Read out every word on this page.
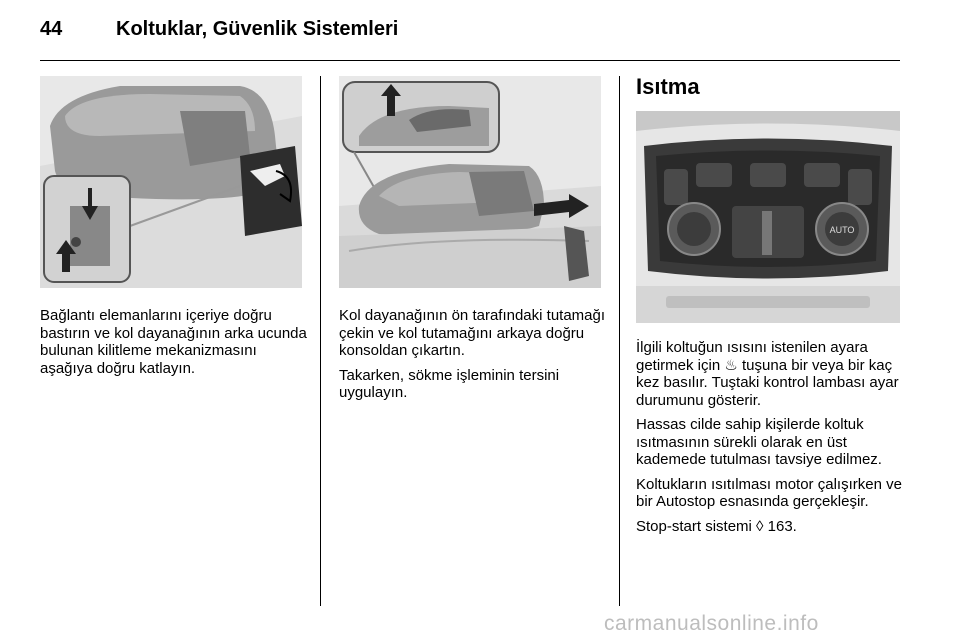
44	Koltuklar, Güvenlik Sistemleri
Isıtma
AUTO

Bağlantı elemanlarını içeriye doğru bastırın ve kol dayanağının arka ucunda bulunan kilitleme mekanizmasını aşağıya doğru katlayın.

Kol dayanağının ön tarafındaki tutamağı çekin ve kol tutamağını arkaya doğru konsoldan çıkartın.

Takarken, sökme işleminin tersini uygulayın.

İlgili koltuğun ısısını istenilen ayara getirmek için ♨ tuşuna bir veya bir kaç kez basılır. Tuştaki kontrol lambası ayar durumunu gösterir.

Hassas cilde sahip kişilerde koltuk ısıtmasının sürekli olarak en üst kademede tutulması tavsiye edilmez.

Koltukların ısıtılması motor çalışırken ve bir Autostop esnasında gerçekleşir.

Stop-start sistemi ◊ 163.

carmanualsonline.info
